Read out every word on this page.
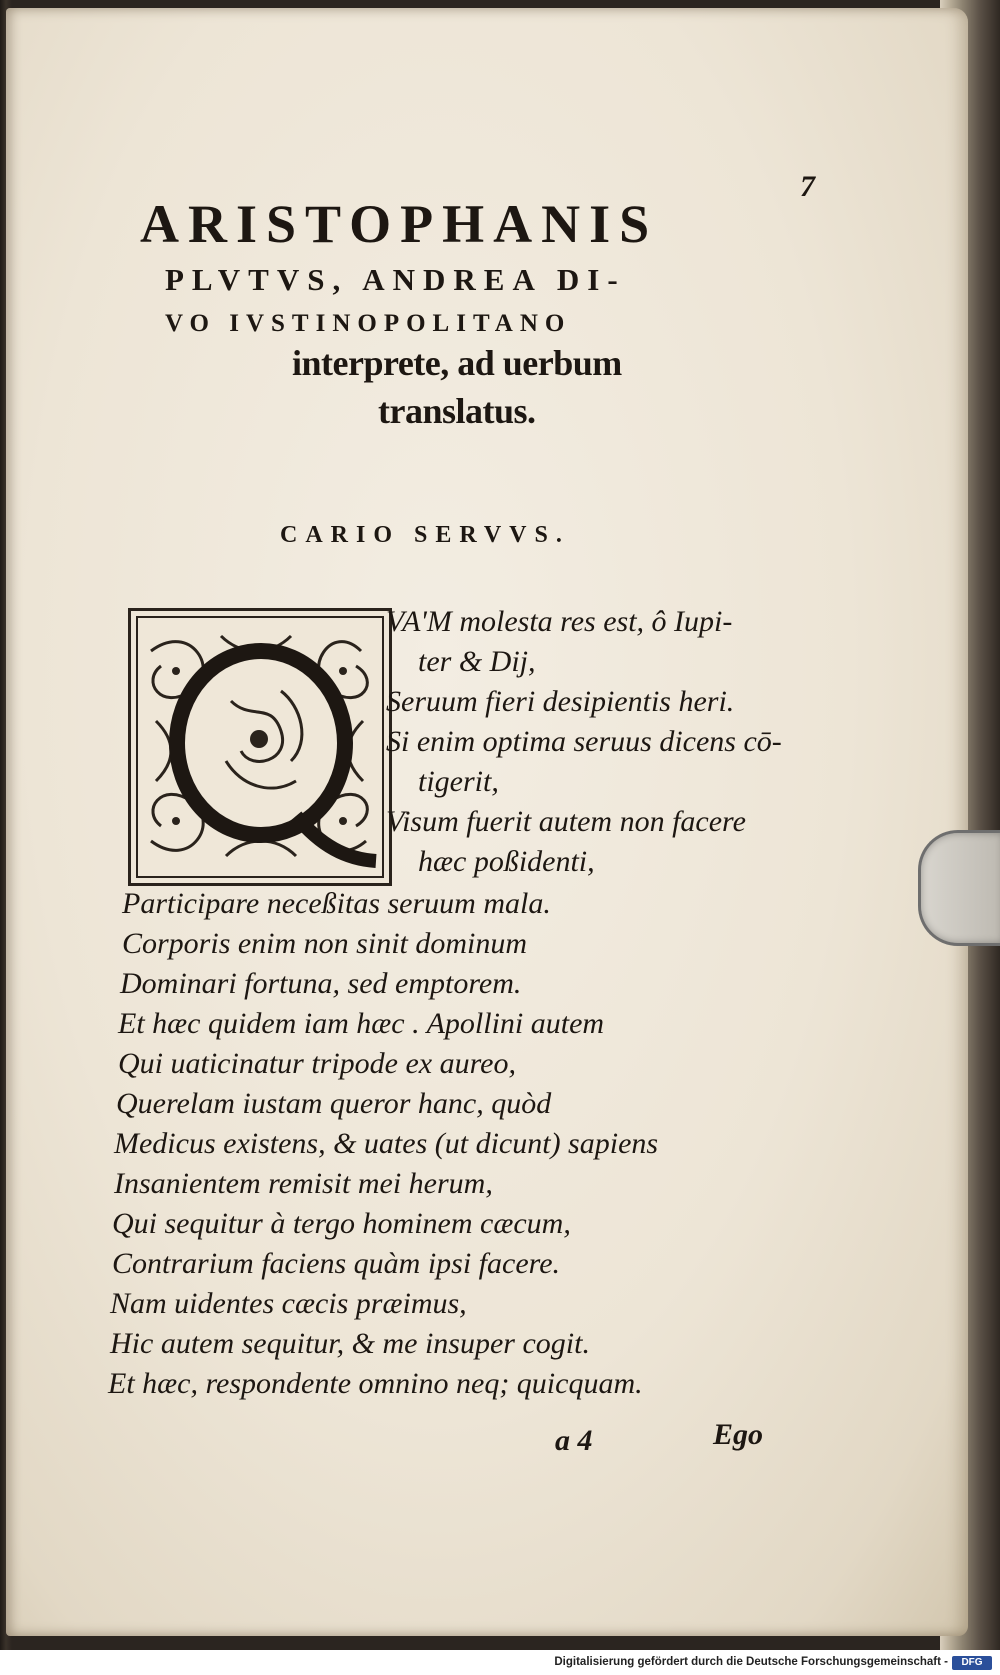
7
ARISTOPHANIS
PLVTVS, ANDREA DI-
VO IVSTINOPOLITANO
interprete, ad uerbum
translatus.
CARIO SERVVS.
VA'M molesta res est, ô Iupi-
ter & Dij,
Seruum fieri desipientis heri.
Si enim optima seruus dicens cō-
tigerit,
Visum fuerit autem non facere
hæc poßidenti,
Participare neceßitas seruum mala.
Corporis enim non sinit dominum
Dominari fortuna, sed emptorem.
Et hæc quidem iam hæc . Apollini autem
Qui uaticinatur tripode ex aureo,
Querelam iustam queror hanc, quòd
Medicus existens, & uates (ut dicunt) sapiens
Insanientem remisit mei herum,
Qui sequitur à tergo hominem cæcum,
Contrarium faciens quàm ipsi facere.
Nam uidentes cæcis præimus,
Hic autem sequitur, & me insuper cogit.
Et hæc, respondente omnino neq; quicquam.
a 4	Ego
Digitalisierung gefördert durch die Deutsche Forschungsgemeinschaft -	DFG
